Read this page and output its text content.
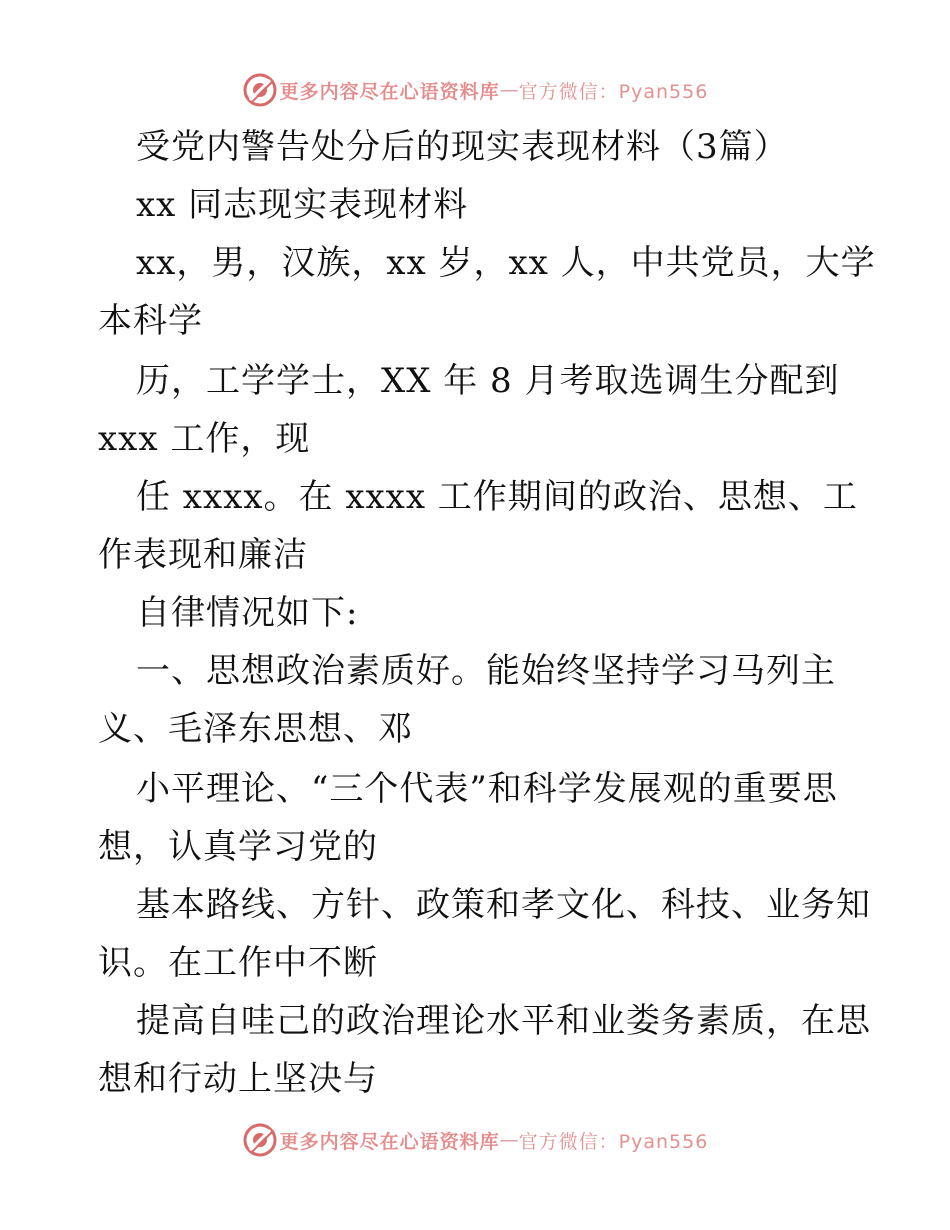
更多内容尽在心语资料库 — 官方微信：Pyan556
受党内警告处分后的现实表现材料（3篇）
xx 同志现实表现材料
xx，男，汉族，xx 岁，xx 人，中共党员，大学
本科学
历，工学学士，XX 年 8 月考取选调生分配到
xxx 工作，现
任 xxxx。在 xxxx 工作期间的政治、思想、工
作表现和廉洁
自律情况如下:
一、思想政治素质好。能始终坚持学习马列主
义、毛泽东思想、邓
小平理论、“三个代表”和科学发展观的重要思
想，认真学习党的
基本路线、方针、政策和孝文化、科技、业务知
识。在工作中不断
提高自哇己的政治理论水平和业娄务素质，在思
想和行动上坚决与
更多内容尽在心语资料库 — 官方微信：Pyan556
